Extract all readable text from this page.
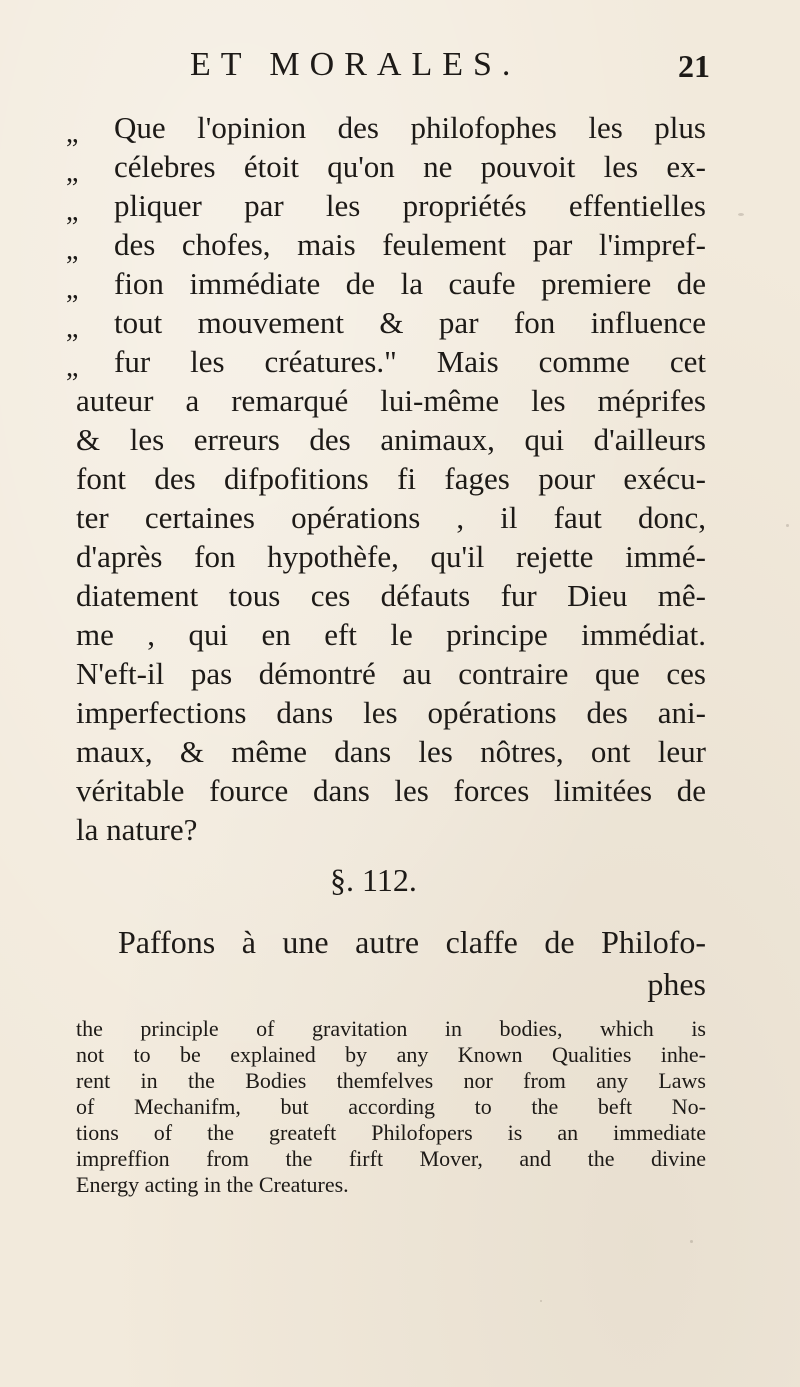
ET MORALES.	21
„ Que l'opinion des philofophes les plus
„ célebres étoit qu'on ne pouvoit les ex-
„ pliquer par les propriétés effentielles
„ des chofes, mais feulement par l'impref-
„ fion immédiate de la caufe premiere de
„ tout mouvement & par fon influence
„ fur les créatures." Mais comme cet
auteur a remarqué lui-même les méprifes
& les erreurs des animaux, qui d'ailleurs
font des difpofitions fi fages pour exécu-
ter certaines opérations , il faut donc,
d'après fon hypothèfe, qu'il rejette immé-
diatement tous ces défauts fur Dieu mê-
me , qui en eft le principe immédiat.
N'eft-il pas démontré au contraire que ces
imperfections dans les opérations des ani-
maux, & même dans les nôtres, ont leur
véritable fource dans les forces limitées de
la nature?
§. 112.
Paffons à une autre claffe de Philofo-
phes
the principle of gravitation in bodies, which is
not to be explained by any Known Qualities inhe-
rent in the Bodies themfelves nor from any Laws
of Mechanifm, but according to the beft No-
tions of the greateft Philofopers is an immediate
impreffion from the firft Mover, and the divine
Energy acting in the Creatures.
